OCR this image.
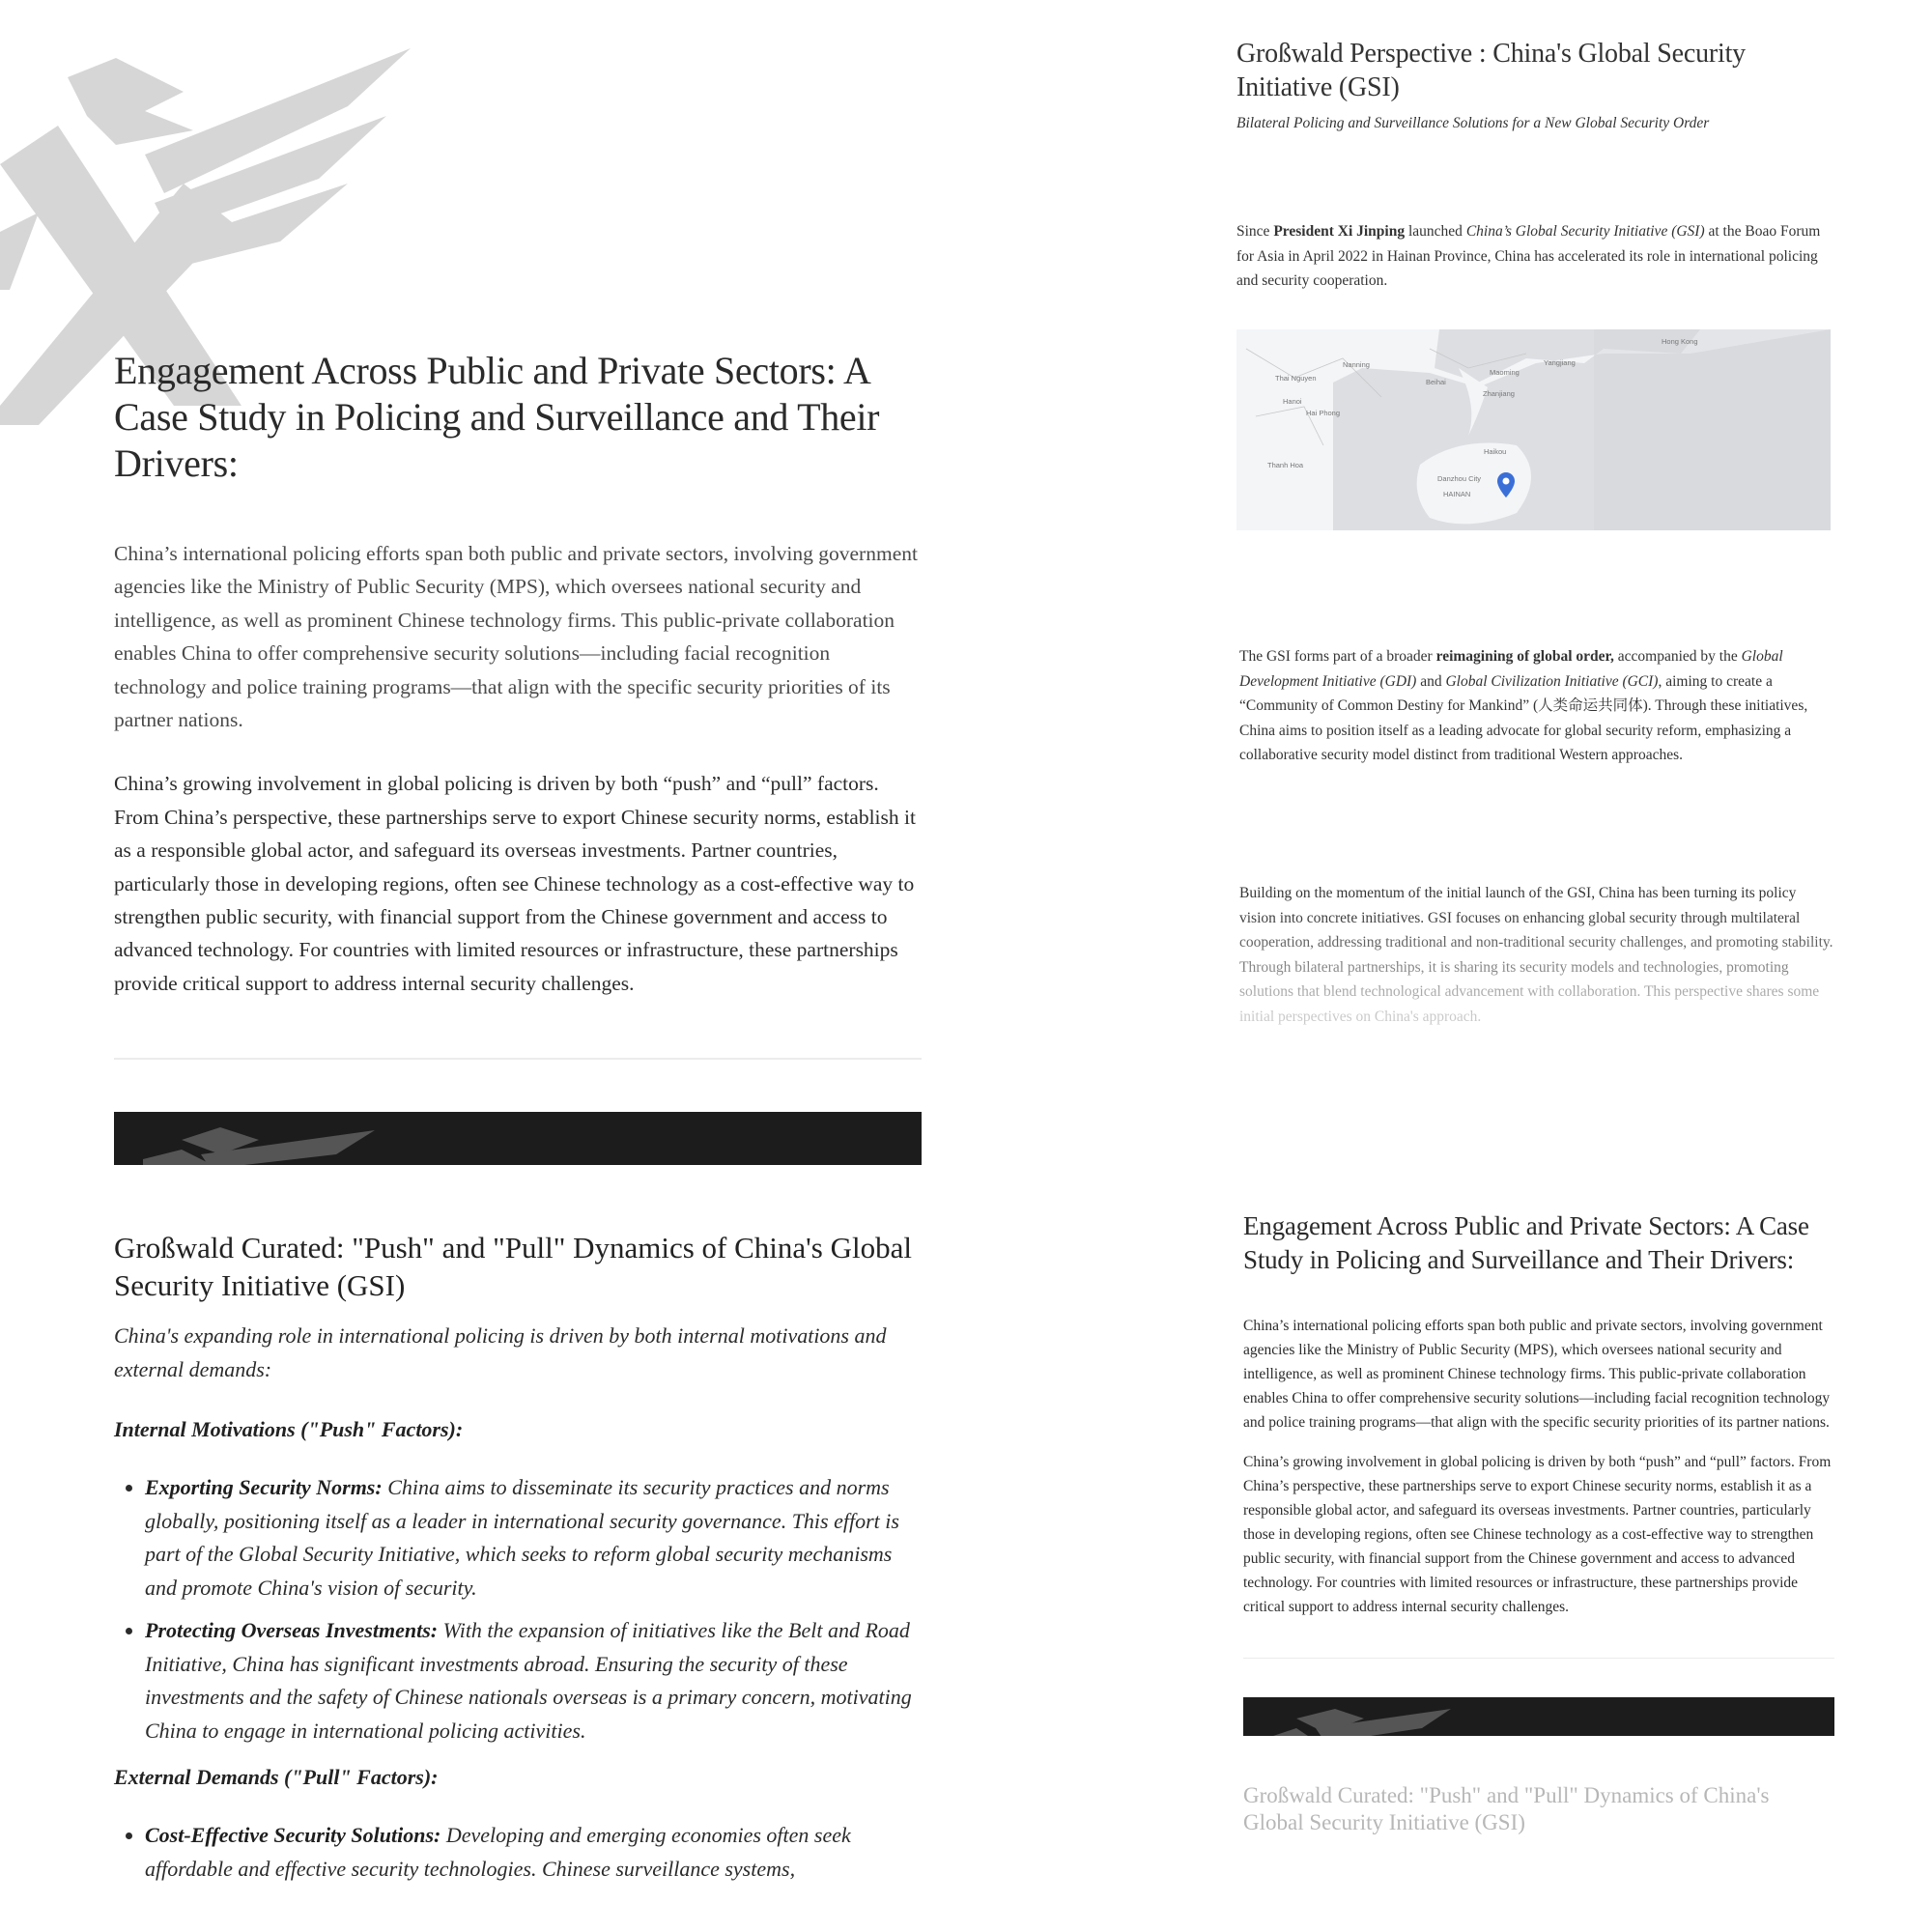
Engagement Across Public and Private Sectors: A Case Study in Policing and Surveillance and Their Drivers:

China’s international policing efforts span both public and private sectors, involving government agencies like the Ministry of Public Security (MPS), which oversees national security and intelligence, as well as prominent Chinese technology firms. This public-private collaboration enables China to offer comprehensive security solutions—including facial recognition technology and police training programs—that align with the specific security priorities of its partner nations.

China’s growing involvement in global policing is driven by both “push” and “pull” factors. From China’s perspective, these partnerships serve to export Chinese security norms, establish it as a responsible global actor, and safeguard its overseas investments. Partner countries, particularly those in developing regions, often see Chinese technology as a cost-effective way to strengthen public security, with financial support from the Chinese government and access to advanced technology. For countries with limited resources or infrastructure, these partnerships provide critical support to address internal security challenges.

Großwald Curated: "Push" and "Pull" Dynamics of China's Global Security Initiative (GSI)

China's expanding role in international policing is driven by both internal motivations and external demands:

Internal Motivations ("Push" Factors):

• Exporting Security Norms: China aims to disseminate its security practices and norms globally, positioning itself as a leader in international security governance. This effort is part of the Global Security Initiative, which seeks to reform global security mechanisms and promote China's vision of security.
• Protecting Overseas Investments: With the expansion of initiatives like the Belt and Road Initiative, China has significant investments abroad. Ensuring the security of these investments and the safety of Chinese nationals overseas is a primary concern, motivating China to engage in international policing activities.

External Demands ("Pull" Factors):

• Cost-Effective Security Solutions: Developing and emerging economies often seek affordable and effective security technologies. Chinese surveillance systems,
Großwald Perspective : China's Global Security Initiative (GSI)

Bilateral Policing and Surveillance Solutions for a New Global Security Order

Since President Xi Jinping launched China’s Global Security Initiative (GSI) at the Boao Forum for Asia in April 2022 in Hainan Province, China has accelerated its role in international policing and security cooperation.

Hong Kong
Maoming
Yangjiang
Zhanjiang
Beihai
Nanning
Thai Nguyen
Hanoi
Hai Phong
Thanh Hoa
Haikou
Danzhou City
HAINAN

The GSI forms part of a broader reimagining of global order, accompanied by the Global Development Initiative (GDI) and Global Civilization Initiative (GCI), aiming to create a “Community of Common Destiny for Mankind” (人类命运共同体). Through these initiatives, China aims to position itself as a leading advocate for global security reform, emphasizing a collaborative security model distinct from traditional Western approaches.

Building on the momentum of the initial launch of the GSI, China has been turning its policy vision into concrete initiatives. GSI focuses on enhancing global security through multilateral cooperation, addressing traditional and non-traditional security challenges, and promoting stability. Through bilateral partnerships, it is sharing its security models and technologies, promoting solutions that blend technological advancement with collaboration. This perspective shares some initial perspectives on China's approach.

Engagement Across Public and Private Sectors: A Case Study in Policing and Surveillance and Their Drivers:

China’s international policing efforts span both public and private sectors, involving government agencies like the Ministry of Public Security (MPS), which oversees national security and intelligence, as well as prominent Chinese technology firms. This public-private collaboration enables China to offer comprehensive security solutions—including facial recognition technology and police training programs—that align with the specific security priorities of its partner nations.

China’s growing involvement in global policing is driven by both “push” and “pull” factors. From China’s perspective, these partnerships serve to export Chinese security norms, establish it as a responsible global actor, and safeguard its overseas investments. Partner countries, particularly those in developing regions, often see Chinese technology as a cost-effective way to strengthen public security, with financial support from the Chinese government and access to advanced technology. For countries with limited resources or infrastructure, these partnerships provide critical support to address internal security challenges.

Großwald Curated: "Push" and "Pull" Dynamics of China's Global Security Initiative (GSI)
